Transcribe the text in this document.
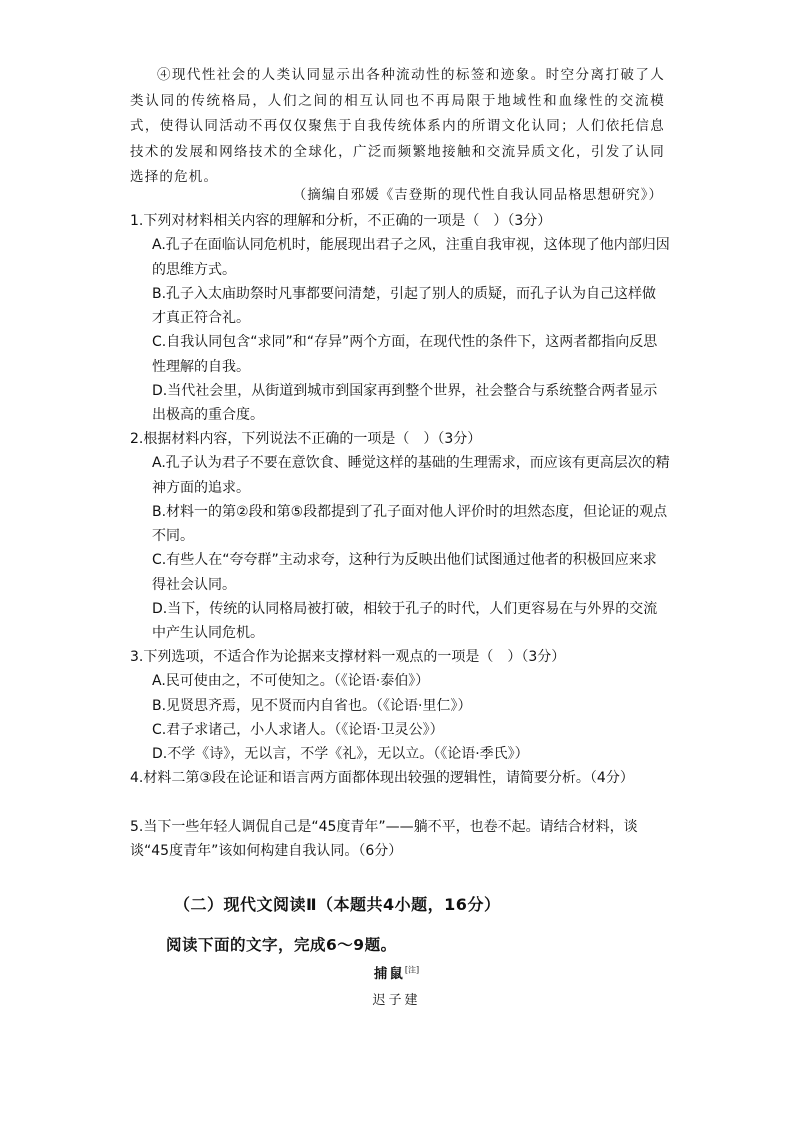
④现代性社会的人类认同显示出各种流动性的标签和迹象。时空分离打破了人类认同的传统格局，人们之间的相互认同也不再局限于地域性和血缘性的交流模式，使得认同活动不再仅仅聚焦于自我传统体系内的所谓文化认同；人们依托信息技术的发展和网络技术的全球化，广泛而频繁地接触和交流异质文化，引发了认同选择的危机。

（摘编自邪媛《吉登斯的现代性自我认同品格思想研究》）

1.下列对材料相关内容的理解和分析，不正确的一项是（　）（3分）

A.孔子在面临认同危机时，能展现出君子之风，注重自我审视，这体现了他内部归因的思维方式。

B.孔子入太庙助祭时凡事都要问清楚，引起了别人的质疑，而孔子认为自己这样做才真正符合礼。

C.自我认同包含“求同”和“存异”两个方面，在现代性的条件下，这两者都指向反思性理解的自我。

D.当代社会里，从街道到城市到国家再到整个世界，社会整合与系统整合两者显示出极高的重合度。

2.根据材料内容，下列说法不正确的一项是（　）（3分）

A.孔子认为君子不要在意饮食、睡觉这样的基础的生理需求，而应该有更高层次的精神方面的追求。

B.材料一的第②段和第⑤段都提到了孔子面对他人评价时的坦然态度，但论证的观点不同。

C.有些人在“夸夸群”主动求夸，这种行为反映出他们试图通过他者的积极回应来求得社会认同。

D.当下，传统的认同格局被打破，相较于孔子的时代，人们更容易在与外界的交流中产生认同危机。

3.下列选项，不适合作为论据来支撑材料一观点的一项是（　）（3分）

A.民可使由之，不可使知之。（《论语·泰伯》）

B.见贤思齐焉，见不贤而内自省也。（《论语·里仁》）

C.君子求诸己，小人求诸人。（《论语·卫灵公》）

D.不学《诗》，无以言，不学《礼》，无以立。（《论语·季氏》）

4.材料二第③段在论证和语言两方面都体现出较强的逻辑性，请简要分析。（4分）

5.当下一些年轻人调侃自己是“45度青年”——躺不平，也卷不起。请结合材料，谈谈“45度青年”该如何构建自我认同。（6分）

（二）现代文阅读Ⅱ（本题共4小题，16分）
阅读下面的文字，完成6～9题。
捕鼠[注]
迟子建
